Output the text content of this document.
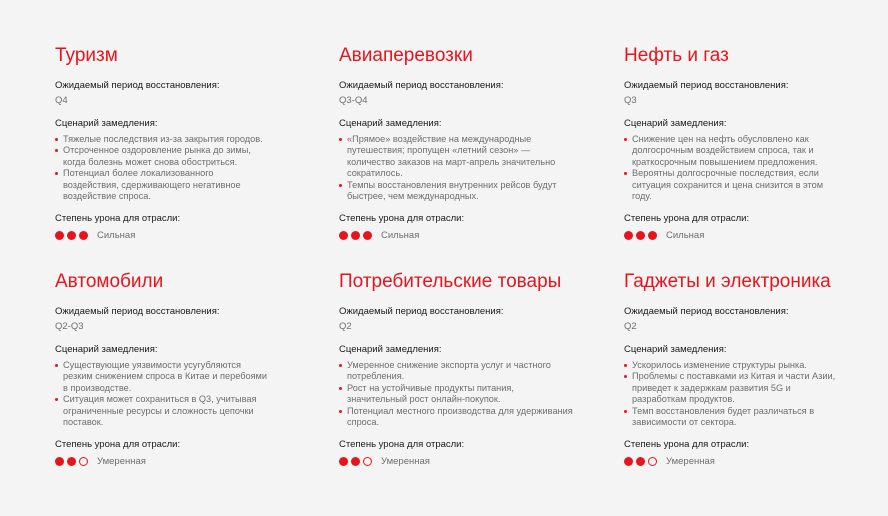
Туризм
Ожидаемый период восстановления:
Q4
Сценарий замедления:
Тяжелые последствия из-за закрытия городов.
Отсроченное оздоровление рынка до зимы, когда болезнь может снова обостриться.
Потенциал более локализованного воздействия, сдерживающего негативное воздействие спроса.
Степень урона для отрасли:
Сильная
Авиаперевозки
Ожидаемый период восстановления:
Q3-Q4
Сценарий замедления:
«Прямое» воздействие на международные путешествия; пропущен «летний сезон» — количество заказов на март-апрель значительно сократилось.
Темпы восстановления внутренних рейсов будут быстрее, чем международных.
Степень урона для отрасли:
Сильная
Нефть и газ
Ожидаемый период восстановления:
Q3
Сценарий замедления:
Снижение цен на нефть обусловлено как долгосрочным воздействием спроса, так и краткосрочным повышением предложения.
Вероятны долгосрочные последствия, если ситуация сохранится и цена снизится в этом году.
Степень урона для отрасли:
Сильная
Автомобили
Ожидаемый период восстановления:
Q2-Q3
Сценарий замедления:
Существующие уязвимости усугубляются резким снижением спроса в Китае и перебоями в производстве.
Ситуация может сохраниться в Q3, учитывая ограниченные ресурсы и сложность цепочки поставок.
Степень урона для отрасли:
Умеренная
Потребительские товары
Ожидаемый период восстановления:
Q2
Сценарий замедления:
Умеренное снижение экспорта услуг и частного потребления.
Рост на устойчивые продукты питания, значительный рост онлайн-покупок.
Потенциал местного производства для удерживания спроса.
Степень урона для отрасли:
Умеренная
Гаджеты и электроника
Ожидаемый период восстановления:
Q2
Сценарий замедления:
Ускорилось изменение структуры рынка.
Проблемы с поставками из Китая и части Азии, приведет к задержкам развития 5G и разработкам продуктов.
Темп восстановления будет различаться в зависимости от сектора.
Степень урона для отрасли:
Умеренная
